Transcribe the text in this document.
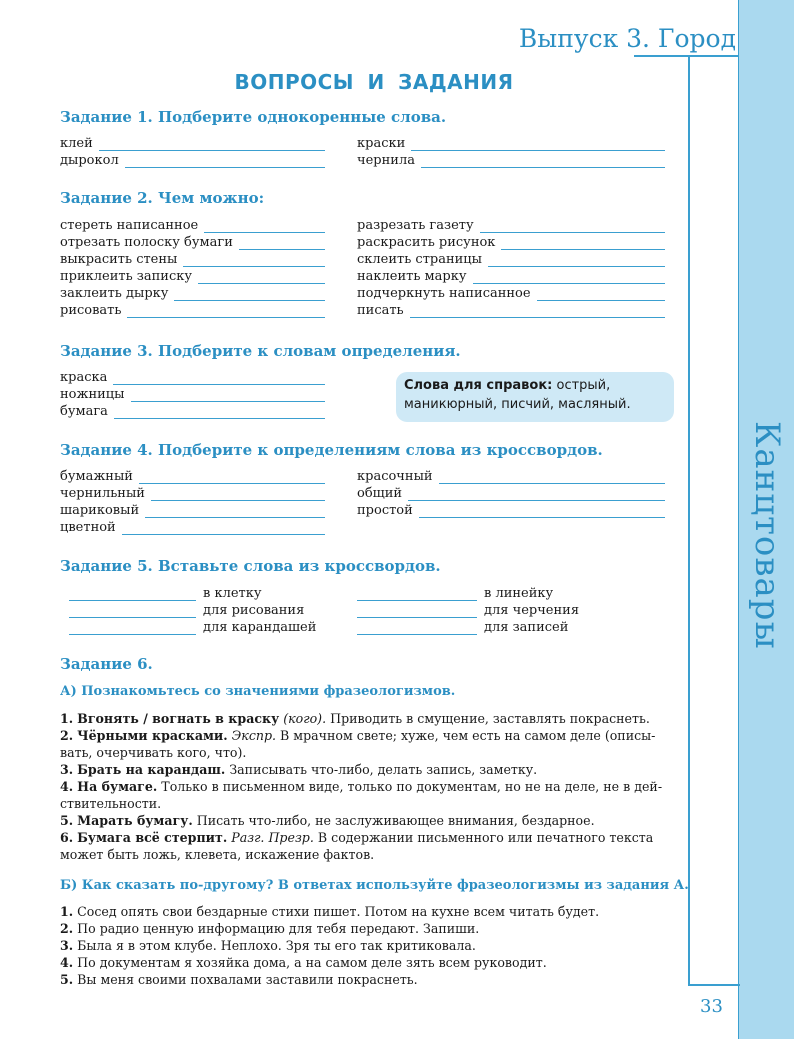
Выпуск 3. Город
Канцтовары
33
ВОПРОСЫ И ЗАДАНИЯ
Задание 1. Подберите однокоренные слова.
клей
дырокол
краски
чернила
Задание 2. Чем можно:
стереть написанное
отрезать полоску бумаги
выкрасить стены
приклеить записку
заклеить дырку
рисовать
разрезать газету
раскрасить рисунок
склеить страницы
наклеить марку
подчеркнуть написанное
писать
Задание 3. Подберите к словам определения.
краска
ножницы
бумага
Слова для справок: острый, маникюрный, писчий, масляный.
Задание 4. Подберите к определениям слова из кроссвордов.
бумажный
чернильный
шариковый
цветной
красочный
общий
простой
Задание 5. Вставьте слова из кроссвордов.
в клетку
для рисования
для карандашей
в линейку
для черчения
для записей
Задание 6.
А) Познакомьтесь со значениями фразеологизмов.

1. Вгонять / вогнать в краску (кого). Приводить в смущение, заставлять покраснеть.

2. Чёрными красками. Экспр. В мрачном свете; хуже, чем есть на самом деле (описы-
вать, очерчивать кого, что).

3. Брать на карандаш. Записывать что-либо, делать запись, заметку.

4. На бумаге. Только в письменном виде, только по документам, но не на деле, не в дей-
ствительности.

5. Марать бумагу. Писать что-либо, не заслуживающее внимания, бездарное.

6. Бумага всё стерпит. Разг. Презр. В содержании письменного или печатного текста
может быть ложь, клевета, искажение фактов.

Б) Как сказать по-другому? В ответах используйте фразеологизмы из задания А.

1. Сосед опять свои бездарные стихи пишет. Потом на кухне всем читать будет.

2. По радио ценную информацию для тебя передают. Запиши.

3. Была я в этом клубе. Неплохо. Зря ты его так критиковала.

4. По документам я хозяйка дома, а на самом деле зять всем руководит.

5. Вы меня своими похвалами заставили покраснеть.
